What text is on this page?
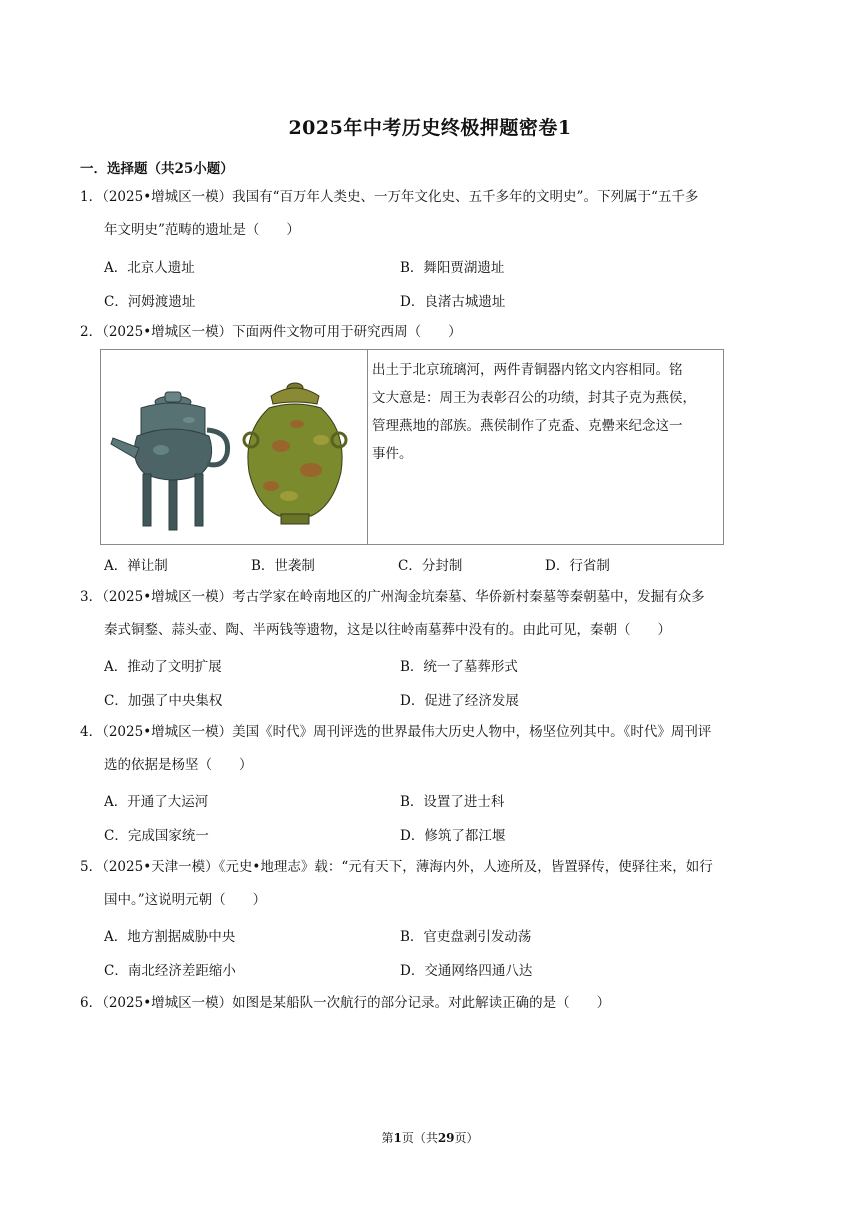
2025年中考历史终极押题密卷1
一．选择题（共25小题）
1．（2025•增城区一模）我国有“百万年人类史、一万年文化史、五千多年的文明史”。下列属于“五千多
年文明史”范畴的遗址是（　　）
A．北京人遗址	B．舞阳贾湖遗址
C．河姆渡遗址	D．良渚古城遗址
2．（2025•增城区一模）下面两件文物可用于研究西周（　　）
出土于北京琉璃河，两件青铜器内铭文内容相同。铭
文大意是：周王为表彰召公的功绩，封其子克为燕侯，
管理燕地的部族。燕侯制作了克盉、克罍来纪念这一
事件。
A．禅让制	B．世袭制	C．分封制	D．行省制
3．（2025•增城区一模）考古学家在岭南地区的广州淘金坑秦墓、华侨新村秦墓等秦朝墓中，发掘有众多
秦式铜鍪、蒜头壶、陶、半两钱等遗物，这是以往岭南墓葬中没有的。由此可见，秦朝（　　）
A．推动了文明扩展	B．统一了墓葬形式
C．加强了中央集权	D．促进了经济发展
4．（2025•增城区一模）美国《时代》周刊评选的世界最伟大历史人物中，杨坚位列其中。《时代》周刊评
选的依据是杨坚（　　）
A．开通了大运河	B．设置了进士科
C．完成国家统一	D．修筑了都江堰
5．（2025•天津一模）《元史•地理志》载：“元有天下，薄海内外，人迹所及，皆置驿传，使驿往来，如行
国中。”这说明元朝（　　）
A．地方割据威胁中央	B．官吏盘剥引发动荡
C．南北经济差距缩小	D．交通网络四通八达
6．（2025•增城区一模）如图是某船队一次航行的部分记录。对此解读正确的是（　　）
第1页（共29页）
